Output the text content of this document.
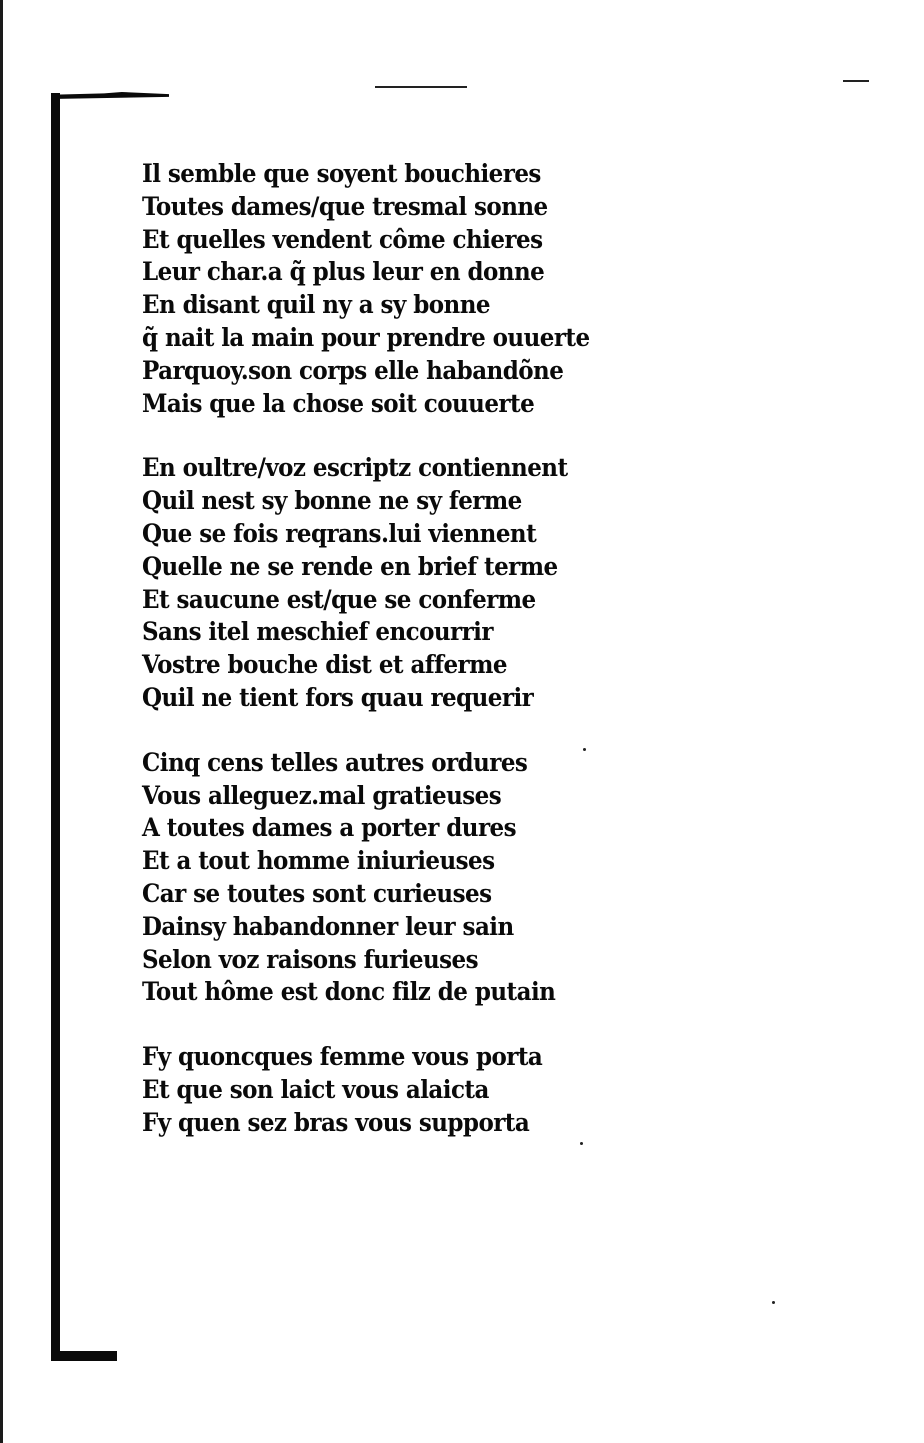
Il semble que soyent bouchieres
Toutes dames/que tresmal sonne
Et quelles vendent côme chieres
Leur char.a q̃ plus leur en donne
En disant quil ny a sy bonne
q̃ nait la main pour prendre ouuerte
Parquoy.son corps elle habandõne
Mais que la chose soit couuerte
En oultre/voz escriptz contiennent
Quil nest sy bonne ne sy ferme
Que se fois reqrans.lui viennent
Quelle ne se rende en brief terme
Et saucune est/que se conferme
Sans itel meschief encourrir
Vostre bouche dist et afferme
Quil ne tient fors quau requerir
Cinq cens telles autres ordures
Vous alleguez.mal gratieuses
A toutes dames a porter dures
Et a tout homme iniurieuses
Car se toutes sont curieuses
Dainsy habandonner leur sain
Selon voz raisons furieuses
Tout hôme est donc filz de putain
Fy quoncques femme vous porta
Et que son laict vous alaicta
Fy quen sez bras vous supporta
